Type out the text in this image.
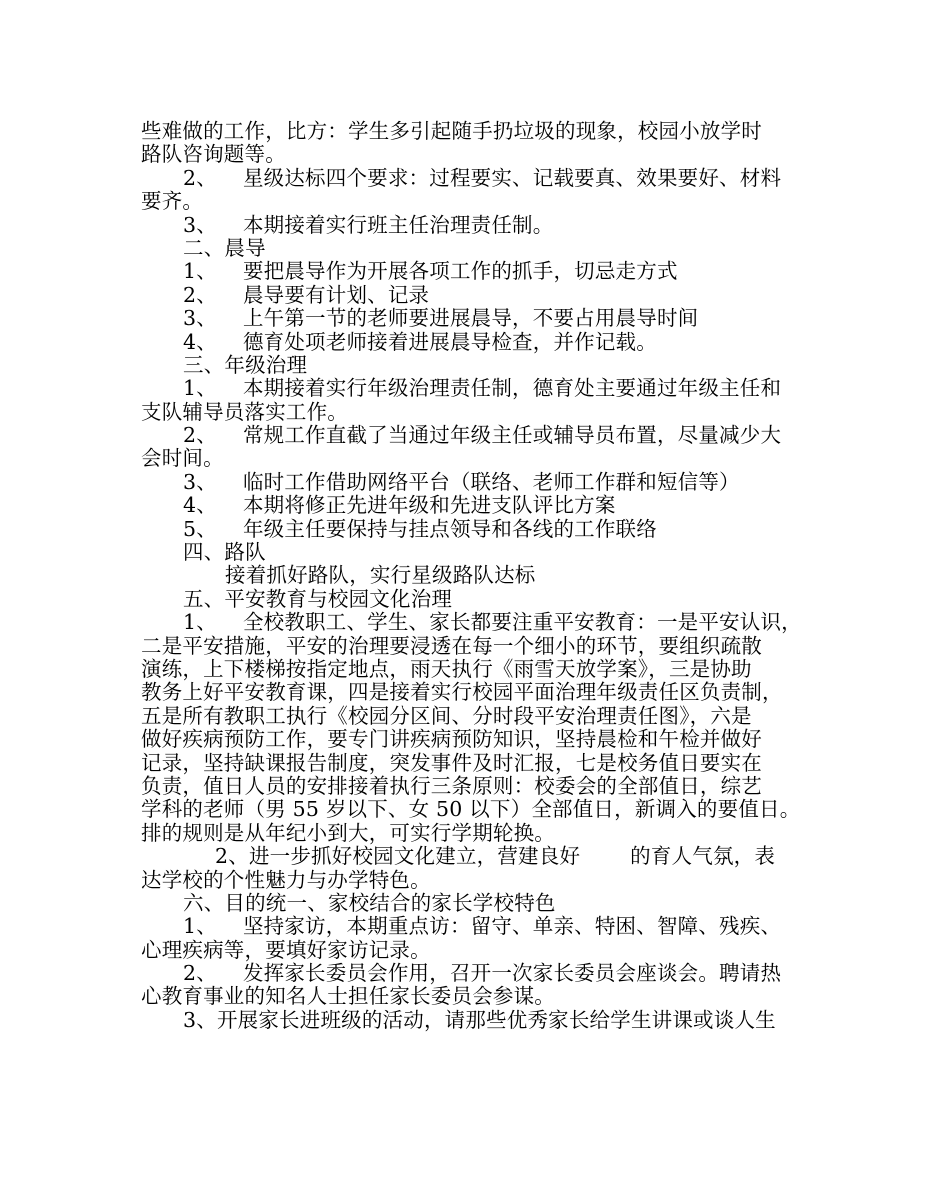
些难做的工作，比方：学生多引起随手扔垃圾的现象，校园小放学时
路队咨询题等。
2、 星级达标四个要求：过程要实、记载要真、效果要好、材料
要齐。
3、 本期接着实行班主任治理责任制。
二、晨导
1、 要把晨导作为开展各项工作的抓手，切忌走方式
2、 晨导要有计划、记录
3、 上午第一节的老师要进展晨导，不要占用晨导时间
4、 德育处项老师接着进展晨导检查，并作记载。
三、年级治理
1、 本期接着实行年级治理责任制，德育处主要通过年级主任和
支队辅导员落实工作。
2、 常规工作直截了当通过年级主任或辅导员布置，尽量减少大
会时间。
3、 临时工作借助网络平台（联络、老师工作群和短信等）
4、 本期将修正先进年级和先进支队评比方案
5、 年级主任要保持与挂点领导和各线的工作联络
四、路队
接着抓好路队，实行星级路队达标
五、平安教育与校园文化治理
1、 全校教职工、学生、家长都要注重平安教育：一是平安认识，
二是平安措施，平安的治理要浸透在每一个细小的环节，要组织疏散
演练，上下楼梯按指定地点，雨天执行《雨雪天放学案》，三是协助
教务上好平安教育课，四是接着实行校园平面治理年级责任区负责制，
五是所有教职工执行《校园分区间、分时段平安治理责任图》，六是
做好疾病预防工作，要专门讲疾病预防知识，坚持晨检和午检并做好
记录，坚持缺课报告制度，突发事件及时汇报，七是校务值日要实在
负责，值日人员的安排接着执行三条原则：校委会的全部值日，综艺
学科的老师（男 55 岁以下、女 50 以下）全部值日，新调入的要值日。
排的规则是从年纪小到大，可实行学期轮换。
2、进一步抓好校园文化建立，营建良好 的育人气氛，表
达学校的个性魅力与办学特色。
六、目的统一、家校结合的家长学校特色
1、 坚持家访，本期重点访：留守、单亲、特困、智障、残疾、
心理疾病等，要填好家访记录。
2、 发挥家长委员会作用，召开一次家长委员会座谈会。聘请热
心教育事业的知名人士担任家长委员会参谋。
3、开展家长进班级的活动，请那些优秀家长给学生讲课或谈人生
